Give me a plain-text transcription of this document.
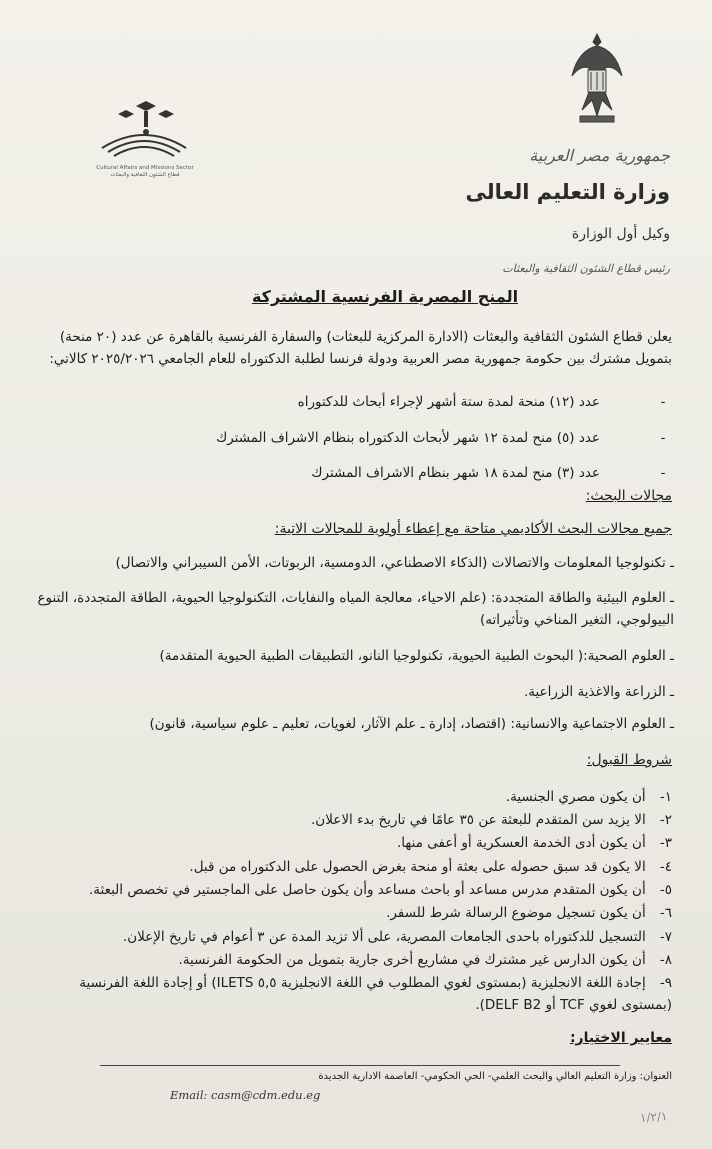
Cultural Affairs and Missions Sector
قطاع الشئون الثقافية والبعثات
جمهورية مصر العربية
وزارة التعليم العالى
وكيل أول الوزارة
رئيس قطاع الشئون الثقافية والبعثات
المنح المصرية الفرنسية المشتركة
يعلن قطاع الشئون الثقافية والبعثات (الادارة المركزية للبعثات) والسفارة الفرنسية بالقاهرة عن عدد (٢٠ منحة) بتمويل مشترك بين حكومة جمهورية مصر العربية ودولة فرنسا لطلبة الدكتوراه للعام الجامعي ٢٠٢٥/٢٠٢٦ كالاتي:
-عدد (١٢) منحة لمدة ستة أشهر لإجراء أبحاث للدكتوراه
-عدد (٥) منح لمدة ١٢ شهر لأبحاث الدكتوراه بنظام الاشراف المشترك
-عدد (٣) منح لمدة ١٨ شهر بنظام الاشراف المشترك
مجالات البحث:
جميع مجالات البحث الأكاديمي متاحة مع إعطاء أولوية للمجالات الاتية:
ـ تكنولوجيا المعلومات والاتصالات (الذكاء الاصطناعي، الدومسية، الربوتات، الأمن السيبراني والاتصال)
ـ العلوم البيئية والطاقة المتجددة: (علم الاحياء، معالجة المياه والنفايات، التكنولوجيا الحيوية، الطاقة المتجددة، التنوع البيولوجي، التغير المناخي وتأثيراته)
ـ العلوم الصحية:( البحوث الطبية الحيوية، تكنولوجيا النانو، التطبيقات الطبية الحيوية المتقدمة)
ـ الزراعة والاغذية الزراعية.
ـ العلوم الاجتماعية والانسانية: (اقتصاد، إدارة ـ علم الآثار، لغويات، تعليم ـ علوم سياسية، قانون)
شروط القبول:
١- أن يكون مصري الجنسية.
٢- الا يزيد سن المتقدم للبعثة عن ٣٥ عامًا في تاريخ بدء الاعلان.
٣- أن يكون أدى الخدمة العسكرية أو أعفى منها.
٤- الا يكون قد سبق حصوله على بعثة أو منحة بغرض الحصول على الدكتوراه من قبل.
٥- أن يكون المتقدم مدرس مساعد أو باحث مساعد وأن يكون حاصل على الماجستير في تخصص البعثة.
٦- أن يكون تسجيل موضوع الرسالة شرط للسفر.
٧- التسجيل للدكتوراه باحدى الجامعات المصرية، على ألا تزيد المدة عن ٣ أعوام في تاريخ الإعلان.
٨- أن يكون الدارس غير مشترك في مشاريع أخرى جارية بتمويل من الحكومة الفرنسية.
٩- إجادة اللغة الانجليزية (بمستوى لغوي المطلوب في اللغة الانجليزية ٥,٥ ILETS) أو إجادة اللغة الفرنسية (بمستوى لغوي TCF أو DELF B2).
معايير الاختيار:
العنوان: وزارة التعليم العالي والبحث العلمي- الحي الحكومي- العاصمة الادارية الجديدة
Email: casm@cdm.edu.eg
١/٢/١
